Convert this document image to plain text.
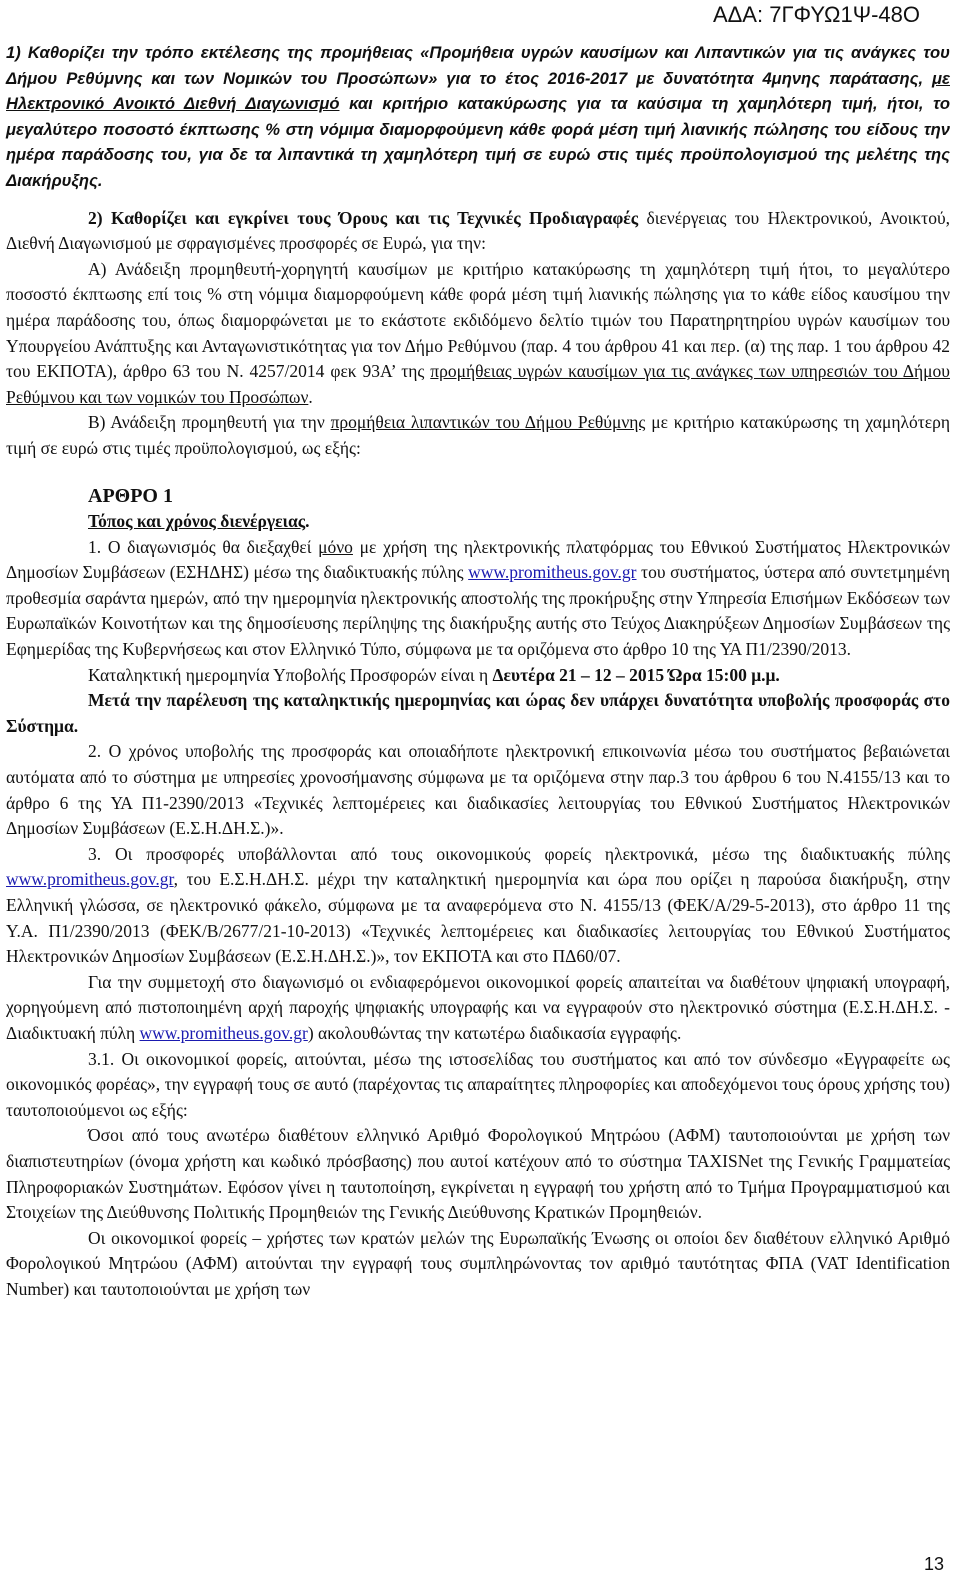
ΑΔΑ: 7ΓΦΥΩ1Ψ-48Ο

1) Καθορίζει την τρόπο εκτέλεσης της προμήθειας «Προμήθεια υγρών καυσίμων και Λιπαντικών για τις ανάγκες του Δήμου Ρεθύμνης και των Νομικών του Προσώπων» για το έτος 2016-2017 με δυνατότητα 4μηνης παράτασης, με Ηλεκτρονικό Ανοικτό Διεθνή Διαγωνισμό και κριτήριο κατακύρωσης για τα καύσιμα τη χαμηλότερη τιμή, ήτοι, το μεγαλύτερο ποσοστό έκπτωσης % στη νόμιμα διαμορφούμενη κάθε φορά μέση τιμή λιανικής πώλησης του είδους την ημέρα παράδοσης του, για δε τα λιπαντικά τη χαμηλότερη τιμή σε ευρώ στις τιμές προϋπολογισμού της μελέτης της Διακήρυξης.

2) Καθορίζει και εγκρίνει τους Όρους και τις Τεχνικές Προδιαγραφές διενέργειας του Ηλεκτρονικού, Ανοικτού, Διεθνή Διαγωνισμού με σφραγισμένες προσφορές σε Ευρώ, για την:

Α) Ανάδειξη προμηθευτή-χορηγητή καυσίμων με κριτήριο κατακύρωσης τη χαμηλότερη τιμή ήτοι, το μεγαλύτερο ποσοστό έκπτωσης επί τοις % στη νόμιμα διαμορφούμενη κάθε φορά μέση τιμή λιανικής πώλησης για το κάθε είδος καυσίμου την ημέρα παράδοσης του, όπως διαμορφώνεται με το εκάστοτε εκδιδόμενο δελτίο τιμών του Παρατηρητηρίου υγρών καυσίμων του Υπουργείου Ανάπτυξης και Ανταγωνιστικότητας για τον Δήμο Ρεθύμνου (παρ. 4 του άρθρου 41 και περ. (α) της παρ. 1 του άρθρου 42 του ΕΚΠΟΤΑ), άρθρο 63 του Ν. 4257/2014 φεκ 93Α’ της προμήθειας υγρών καυσίμων για τις ανάγκες των υπηρεσιών του Δήμου Ρεθύμνου και των νομικών του Προσώπων.

Β) Ανάδειξη προμηθευτή για την προμήθεια λιπαντικών του Δήμου Ρεθύμνης με κριτήριο κατακύρωσης τη χαμηλότερη τιμή σε ευρώ στις τιμές προϋπολογισμού, ως εξής:

ΑΡΘΡΟ 1

Τόπος και χρόνος διενέργειας.

1. Ο διαγωνισμός θα διεξαχθεί μόνο με χρήση της ηλεκτρονικής πλατφόρμας του Εθνικού Συστήματος Ηλεκτρονικών Δημοσίων Συμβάσεων (ΕΣΗΔΗΣ) μέσω της διαδικτυακής πύλης www.promitheus.gov.gr του συστήματος, ύστερα από συντετμημένη προθεσμία σαράντα ημερών, από την ημερομηνία ηλεκτρονικής αποστολής της προκήρυξης στην Υπηρεσία Επισήμων Εκδόσεων των Ευρωπαϊκών Κοινοτήτων και της δημοσίευσης περίληψης της διακήρυξης αυτής στο Τεύχος Διακηρύξεων Δημοσίων Συμβάσεων της Εφημερίδας της Κυβερνήσεως και στον Ελληνικό Τύπο, σύμφωνα με τα οριζόμενα στο άρθρο 10 της ΥΑ Π1/2390/2013.

Καταληκτική ημερομηνία Υποβολής Προσφορών είναι η Δευτέρα 21 – 12 – 2015 Ώρα 15:00 μ.μ.

Μετά την παρέλευση της καταληκτικής ημερομηνίας και ώρας δεν υπάρχει δυνατότητα υποβολής προσφοράς στο Σύστημα.

2. Ο χρόνος υποβολής της προσφοράς και οποιαδήποτε ηλεκτρονική επικοινωνία μέσω του συστήματος βεβαιώνεται αυτόματα από το σύστημα με υπηρεσίες χρονοσήμανσης σύμφωνα με τα οριζόμενα στην παρ.3 του άρθρου 6 του Ν.4155/13 και το άρθρο 6 της ΥΑ Π1-2390/2013 «Τεχνικές λεπτομέρειες και διαδικασίες λειτουργίας του Εθνικού Συστήματος Ηλεκτρονικών Δημοσίων Συμβάσεων (Ε.Σ.Η.ΔΗ.Σ.)».

3. Οι προσφορές υποβάλλονται από τους οικονομικούς φορείς ηλεκτρονικά, μέσω της διαδικτυακής πύλης www.promitheus.gov.gr, του Ε.Σ.Η.ΔΗ.Σ. μέχρι την καταληκτική ημερομηνία και ώρα που ορίζει η παρούσα διακήρυξη, στην Ελληνική γλώσσα, σε ηλεκτρονικό φάκελο, σύμφωνα με τα αναφερόμενα στο Ν. 4155/13 (ΦΕΚ/Α/29-5-2013), στο άρθρο 11 της Υ.Α. Π1/2390/2013 (ΦΕΚ/Β/2677/21-10-2013) «Τεχνικές λεπτομέρειες και διαδικασίες λειτουργίας του Εθνικού Συστήματος Ηλεκτρονικών Δημοσίων Συμβάσεων (Ε.Σ.Η.ΔΗ.Σ.)», τον ΕΚΠΟΤΑ και στο ΠΔ60/07.

Για την συμμετοχή στο διαγωνισμό οι ενδιαφερόμενοι οικονομικοί φορείς απαιτείται να διαθέτουν ψηφιακή υπογραφή, χορηγούμενη από πιστοποιημένη αρχή παροχής ψηφιακής υπογραφής και να εγγραφούν στο ηλεκτρονικό σύστημα (Ε.Σ.Η.ΔΗ.Σ. - Διαδικτυακή πύλη www.promitheus.gov.gr) ακολουθώντας την κατωτέρω διαδικασία εγγραφής.

3.1. Οι οικονομικοί φορείς, αιτούνται, μέσω της ιστοσελίδας του συστήματος και από τον σύνδεσμο «Εγγραφείτε ως οικονομικός φορέας», την εγγραφή τους σε αυτό (παρέχοντας τις απαραίτητες πληροφορίες και αποδεχόμενοι τους όρους χρήσης του) ταυτοποιούμενοι ως εξής:

Όσοι από τους ανωτέρω διαθέτουν ελληνικό Αριθμό Φορολογικού Μητρώου (ΑΦΜ) ταυτοποιούνται με χρήση των διαπιστευτηρίων (όνομα χρήστη και κωδικό πρόσβασης) που αυτοί κατέχουν από το σύστημα TAXISNet της Γενικής Γραμματείας Πληροφοριακών Συστημάτων. Εφόσον γίνει η ταυτοποίηση, εγκρίνεται η εγγραφή του χρήστη από το Τμήμα Προγραμματισμού και Στοιχείων της Διεύθυνσης Πολιτικής Προμηθειών της Γενικής Διεύθυνσης Κρατικών Προμηθειών.

Οι οικονομικοί φορείς – χρήστες των κρατών μελών της Ευρωπαϊκής Ένωσης οι οποίοι δεν διαθέτουν ελληνικό Αριθμό Φορολογικού Μητρώου (ΑΦΜ) αιτούνται την εγγραφή τους συμπληρώνοντας τον αριθμό ταυτότητας ΦΠΑ (VAT Identification Number) και ταυτοποιούνται με χρήση των

13
